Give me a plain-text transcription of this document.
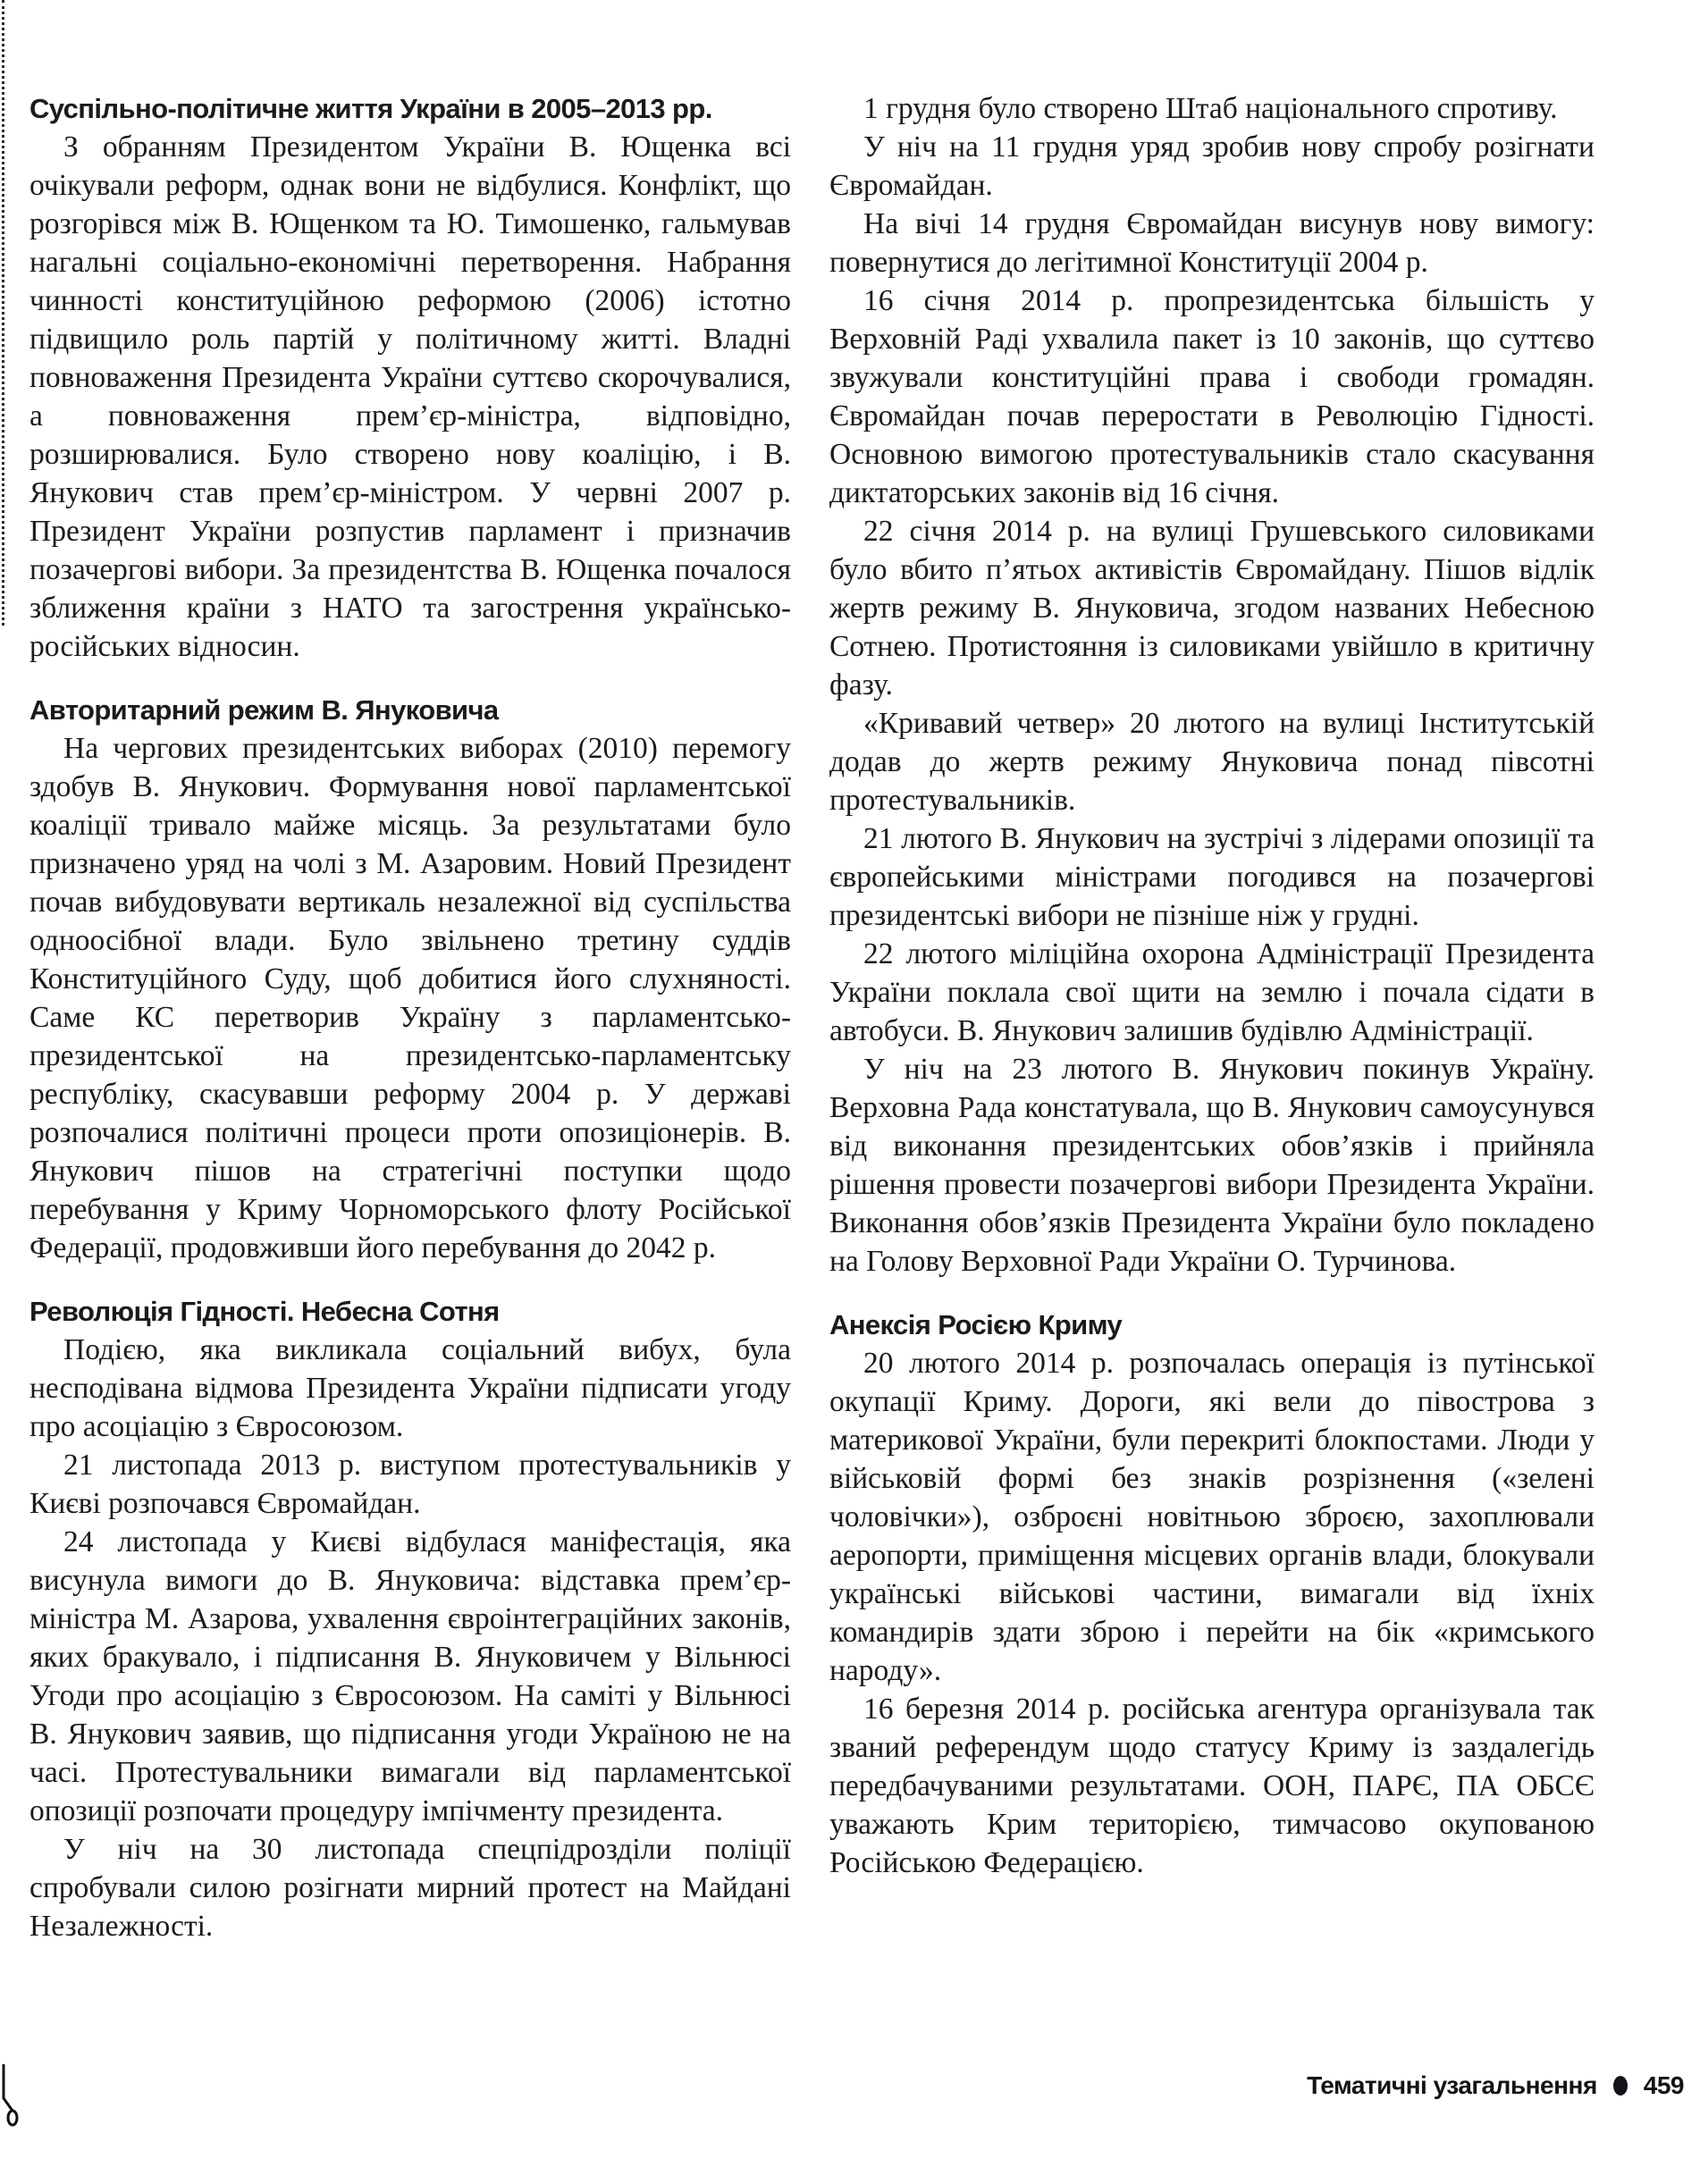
Суспільно-політичне життя України в 2005–2013 рр.

З обранням Президентом України В. Ющенка всі очікували реформ, однак вони не відбулися. Конфлікт, що розгорівся між В. Ющенком та Ю. Тимошенко, гальмував нагальні соціально-економічні перетворення. Набрання чинності конституційною реформою (2006) істотно підвищило роль партій у політичному житті. Владні повноваження Президента України суттєво скорочувалися, а повноваження прем’єр-міністра, відповідно, розширювалися. Було створено нову коаліцію, і В. Янукович став прем’єр-міністром. У червні 2007 р. Президент України розпустив парламент і призначив позачергові вибори. За президентства В. Ющенка почалося зближення країни з НАТО та загострення українсько-російських відносин.

Авторитарний режим В. Януковича

На чергових президентських виборах (2010) перемогу здобув В. Янукович. Формування нової парламентської коаліції тривало майже місяць. За результатами було призначено уряд на чолі з М. Азаровим. Новий Президент почав вибудовувати вертикаль незалежної від суспільства одноосібної влади. Було звільнено третину суддів Конституційного Суду, щоб добитися його слухняності. Саме КС перетворив Україну з парламентсько-президентської на президентсько-парламентську республіку, скасувавши реформу 2004 р. У державі розпочалися політичні процеси проти опозиціонерів. В. Янукович пішов на стратегічні поступки щодо перебування у Криму Чорноморського флоту Російської Федерації, продовживши його перебування до 2042 р.

Революція Гідності. Небесна Сотня

Подією, яка викликала соціальний вибух, була несподівана відмова Президента України підписати угоду про асоціацію з Євросоюзом.

21 листопада 2013 р. виступом протестувальників у Києві розпочався Євромайдан.

24 листопада у Києві відбулася маніфестація, яка висунула вимоги до В. Януковича: відставка прем’єр-міністра М. Азарова, ухвалення євроінтеграційних законів, яких бракувало, і підписання В. Януковичем у Вільнюсі Угоди про асоціацію з Євросоюзом. На саміті у Вільнюсі В. Янукович заявив, що підписання угоди Україною не на часі. Протестувальники вимагали від парламентської опозиції розпочати процедуру імпічменту президента.

У ніч на 30 листопада спецпідрозділи поліції спробували силою розігнати мирний протест на Майдані Незалежності.

1 грудня було створено Штаб національного спротиву.

У ніч на 11 грудня уряд зробив нову спробу розігнати Євромайдан.

На вічі 14 грудня Євромайдан висунув нову вимогу: повернутися до легітимної Конституції 2004 р.

16 січня 2014 р. пропрезидентська більшість у Верховній Раді ухвалила пакет із 10 законів, що суттєво звужували конституційні права і свободи громадян. Євромайдан почав переростати в Революцію Гідності. Основною вимогою протестувальників стало скасування диктаторських законів від 16 січня.

22 січня 2014 р. на вулиці Грушевського силовиками було вбито п’ятьох активістів Євромайдану. Пішов відлік жертв режиму В. Януковича, згодом названих Небесною Сотнею. Протистояння із силовиками увійшло в критичну фазу.

«Кривавий четвер» 20 лютого на вулиці Інститутській додав до жертв режиму Януковича понад півсотні протестувальників.

21 лютого В. Янукович на зустрічі з лідерами опозиції та європейськими міністрами погодився на позачергові президентські вибори не пізніше ніж у грудні.

22 лютого міліційна охорона Адміністрації Президента України поклала свої щити на землю і почала сідати в автобуси. В. Янукович залишив будівлю Адміністрації.

У ніч на 23 лютого В. Янукович покинув Україну. Верховна Рада констатувала, що В. Янукович самоусунувся від виконання президентських обов’язків і прийняла рішення провести позачергові вибори Президента України. Виконання обов’язків Президента України було покладено на Голову Верховної Ради України О. Турчинова.

Анексія Росією Криму

20 лютого 2014 р. розпочалась операція із путінської окупації Криму. Дороги, які вели до півострова з материкової України, були перекриті блокпостами. Люди у військовій формі без знаків розрізнення («зелені чоловічки»), озброєні новітньою зброєю, захоплювали аеропорти, приміщення місцевих органів влади, блокували українські військові частини, вимагали від їхніх командирів здати зброю і перейти на бік «кримського народу».

16 березня 2014 р. російська агентура організувала так званий референдум щодо статусу Криму із заздалегідь передбачуваними результатами. ООН, ПАРЄ, ПА ОБСЄ уважають Крим територією, тимчасово окупованою Російською Федерацією.

Тематичні узагальнення 459
